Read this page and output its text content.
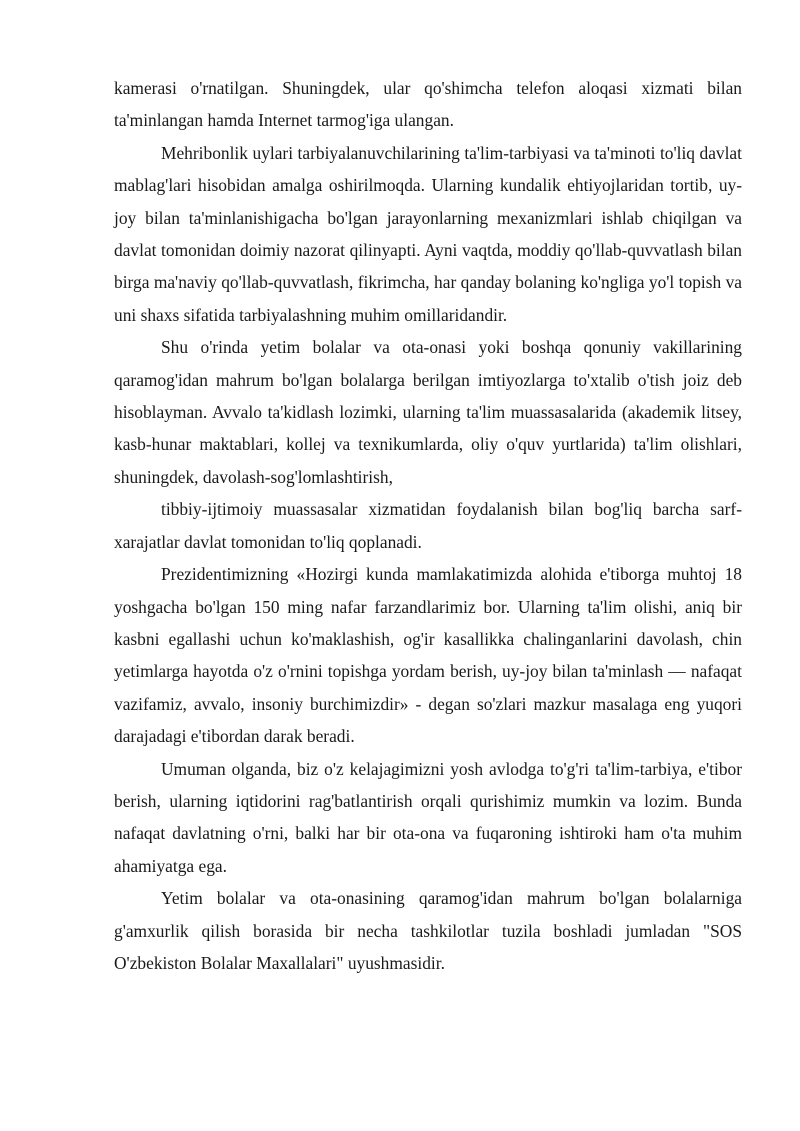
kamerasi o'rnatilgan. Shuningdek, ular qo'shimcha telefon aloqasi xizmati bilan ta'minlangan hamda Internet tarmog'iga ulangan.

Mehribonlik uylari tarbiyalanuvchilarining ta'lim-tarbiyasi va ta'minoti to'liq davlat mablag'lari hisobidan amalga oshirilmoqda. Ularning kundalik ehtiyojlaridan tortib, uy-joy bilan ta'minlanishigacha bo'lgan jarayonlarning mexanizmlari ishlab chiqilgan va davlat tomonidan doimiy nazorat qilinyapti. Ayni vaqtda, moddiy qo'llab-quvvatlash bilan birga ma'naviy qo'llab-quvvatlash, fikrimcha, har qanday bolaning ko'ngliga yo'l topish va uni shaxs sifatida tarbiyalashning muhim omillaridandir.

Shu o'rinda yetim bolalar va ota-onasi yoki boshqa qonuniy vakillarining qaramog'idan mahrum bo'lgan bolalarga berilgan imtiyozlarga to'xtalib o'tish joiz deb hisoblayman. Avvalo ta'kidlash lozimki, ularning ta'lim muassasalarida (akademik litsey, kasb-hunar maktablari, kollej va texnikumlarda, oliy o'quv yurtlarida) ta'lim olishlari, shuningdek, davolash-sog'lomlashtirish,

tibbiy-ijtimoiy muassasalar xizmatidan foydalanish bilan bog'liq barcha sarf-xarajatlar davlat tomonidan to'liq qoplanadi.

Prezidentimizning «Hozirgi kunda mamlakatimizda alohida e'tiborga muhtoj 18 yoshgacha bo'lgan 150 ming nafar farzandlarimiz bor. Ularning ta'lim olishi, aniq bir kasbni egallashi uchun ko'maklashish, og'ir kasallikka chalinganlarini davolash, chin yetimlarga hayotda o'z o'rnini topishga yordam berish, uy-joy bilan ta'minlash — nafaqat vazifamiz, avvalo, insoniy burchimizdir» - degan so'zlari mazkur masalaga eng yuqori darajadagi e'tibordan darak beradi.

Umuman olganda, biz o'z kelajagimizni yosh avlodga to'g'ri ta'lim-tarbiya, e'tibor berish, ularning iqtidorini rag'batlantirish orqali qurishimiz mumkin va lozim. Bunda nafaqat davlatning o'rni, balki har bir ota-ona va fuqaroning ishtiroki ham o'ta muhim ahamiyatga ega.

Yetim bolalar va ota-onasining qaramog'idan mahrum bo'lgan bolalarniga g'amxurlik qilish borasida bir necha tashkilotlar tuzila boshladi jumladan "SOS O'zbekiston Bolalar Maxallalari" uyushmasidir.
